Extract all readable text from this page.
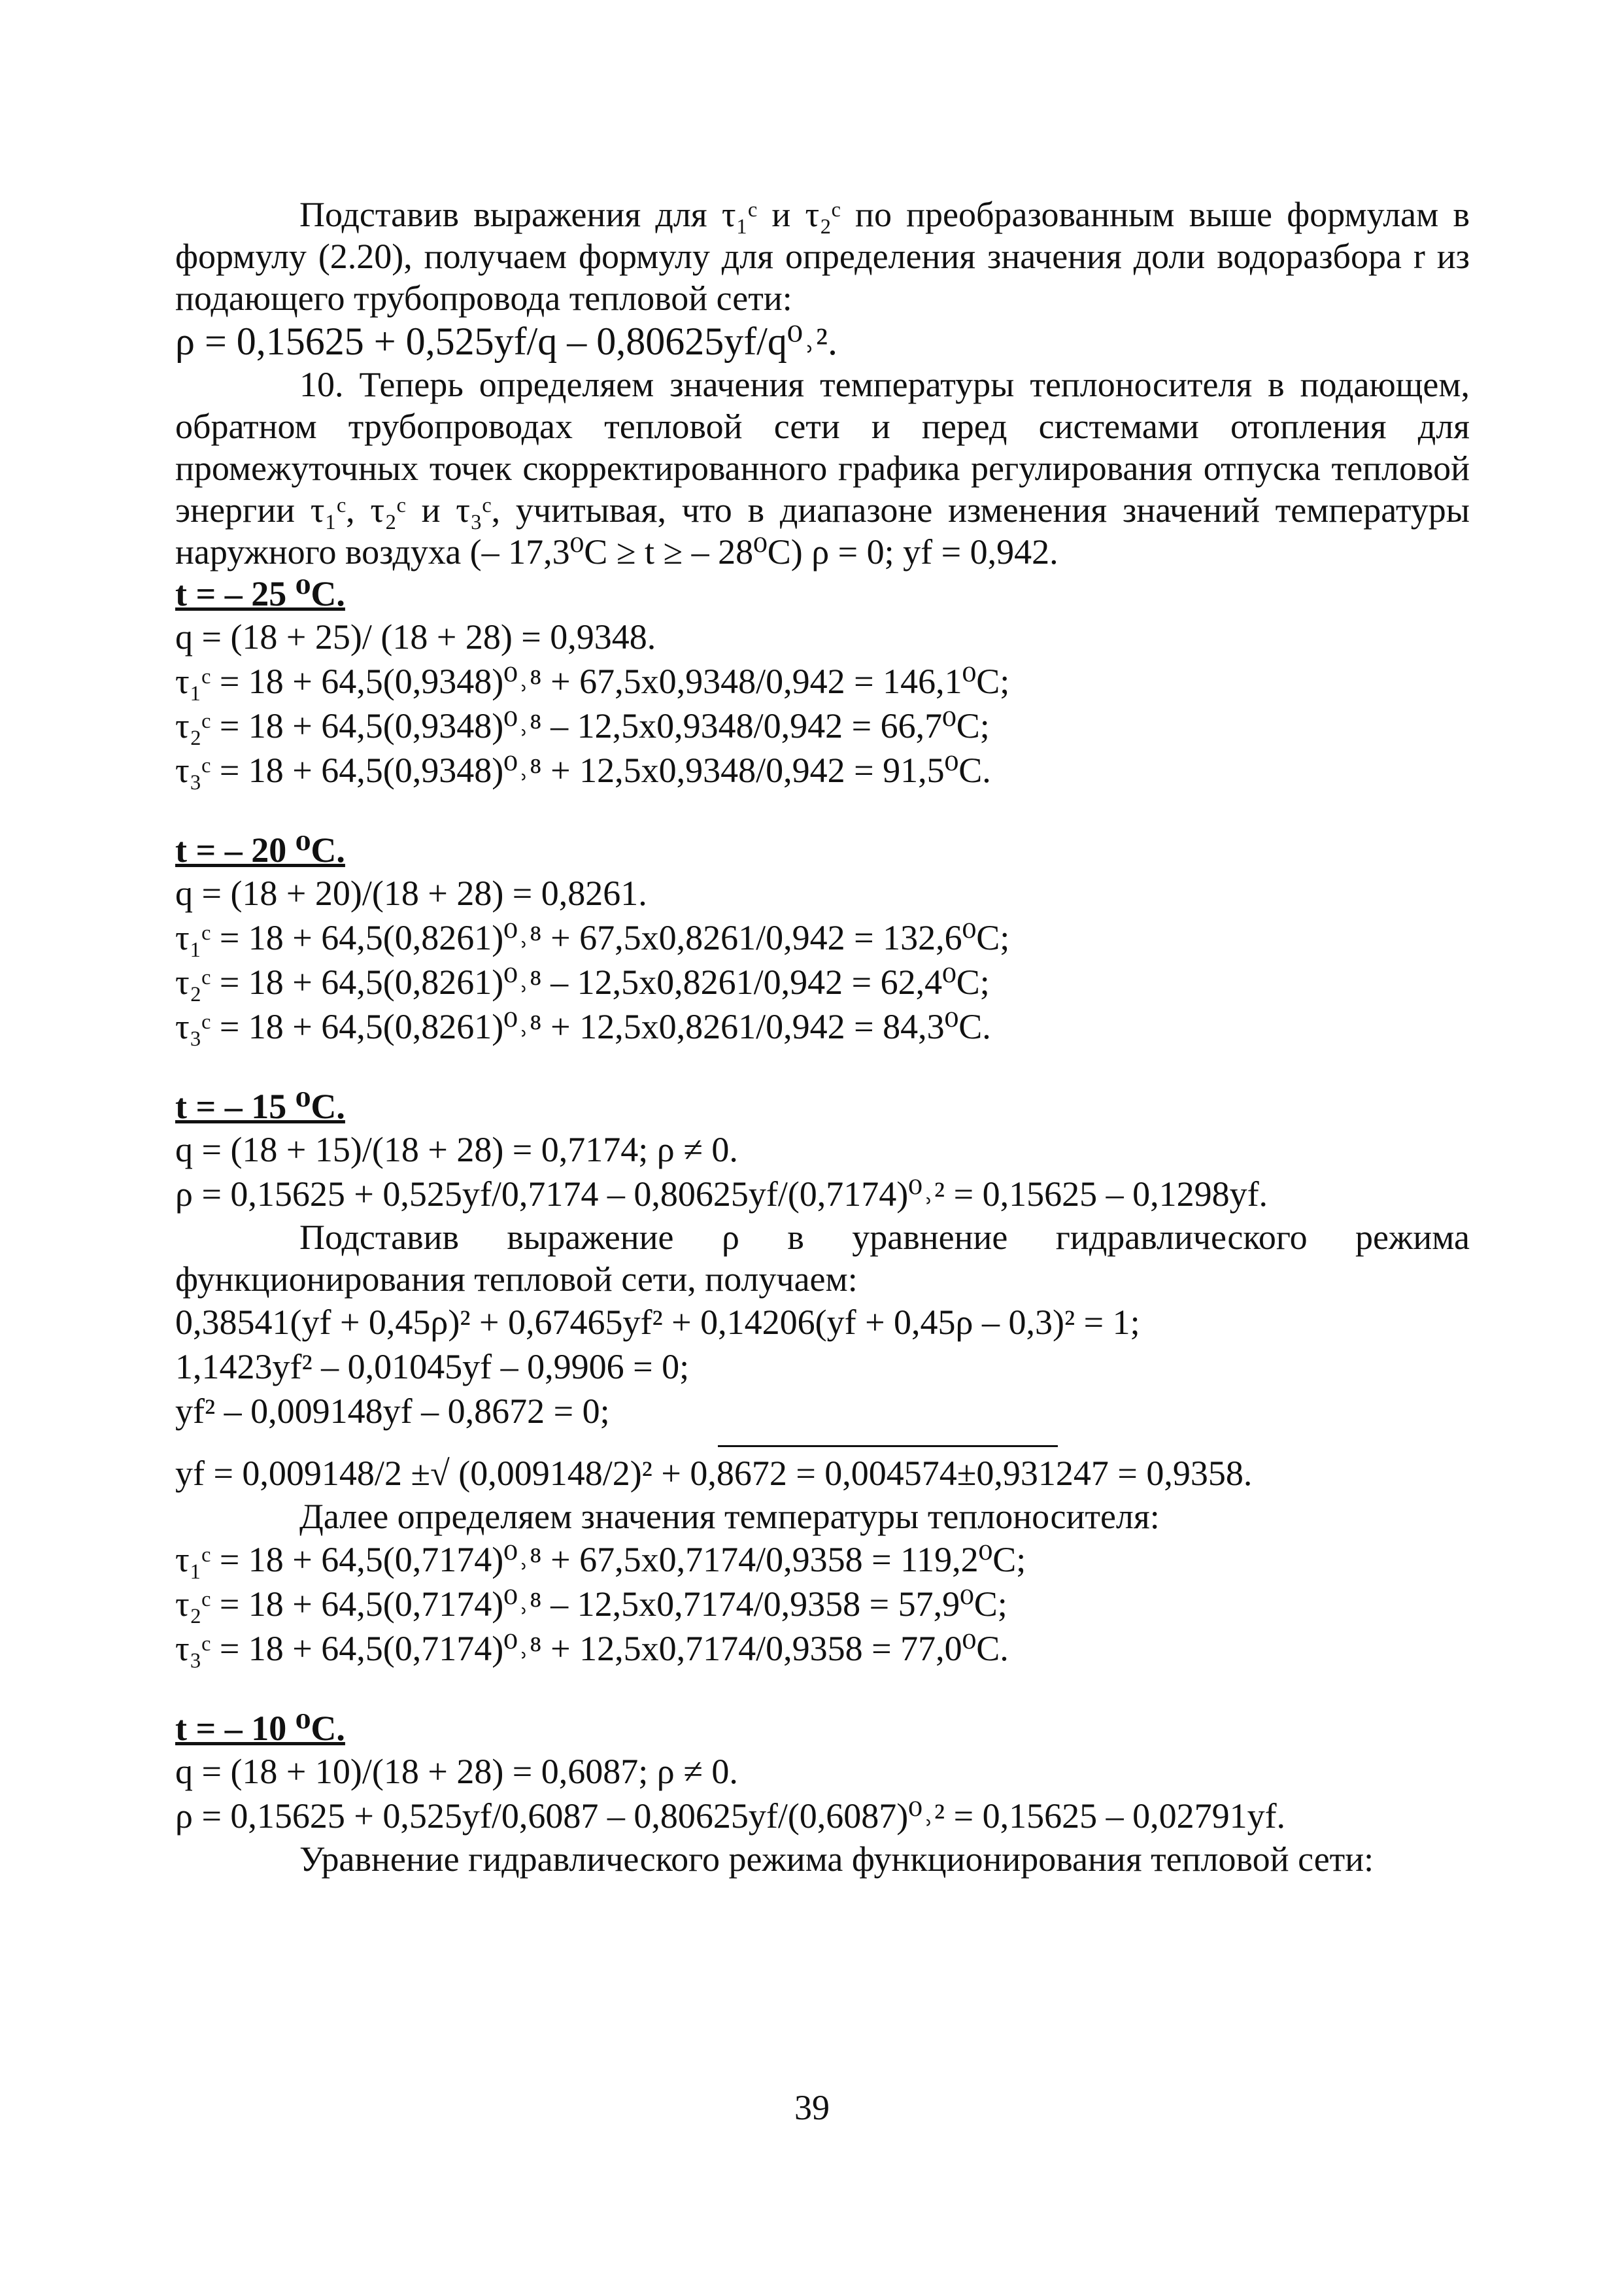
Подставив выражения для τ₁ᶜ и τ₂ᶜ по преобразованным выше формулам в формулу (2.20), получаем формулу для определения значения доли водоразбора r из подающего трубопровода тепловой сети:

ρ = 0,15625 + 0,525yf/q – 0,80625yf/q⁰˒².

10. Теперь определяем значения температуры теплоносителя в подающем, обратном трубопроводах тепловой сети и перед системами отопления для промежуточных точек скорректированного графика регулирования отпуска тепловой энергии τ₁ᶜ, τ₂ᶜ и τ₃ᶜ, учитывая, что в диапазоне изменения значений температуры наружного воздуха (– 17,3⁰C ≥ t ≥ – 28⁰C) ρ = 0; yf = 0,942.

t = – 25 ⁰C.

q = (18 + 25)/ (18 + 28) = 0,9348.

τ₁ᶜ = 18 + 64,5(0,9348)⁰˒⁸ + 67,5x0,9348/0,942 = 146,1⁰C;

τ₂ᶜ = 18 + 64,5(0,9348)⁰˒⁸ – 12,5x0,9348/0,942 = 66,7⁰C;

τ₃ᶜ = 18 + 64,5(0,9348)⁰˒⁸ + 12,5x0,9348/0,942 = 91,5⁰C.

t = – 20 ⁰C.

q = (18 + 20)/(18 + 28) = 0,8261.

τ₁ᶜ = 18 + 64,5(0,8261)⁰˒⁸ + 67,5x0,8261/0,942 = 132,6⁰C;

τ₂ᶜ = 18 + 64,5(0,8261)⁰˒⁸ – 12,5x0,8261/0,942 = 62,4⁰C;

τ₃ᶜ = 18 + 64,5(0,8261)⁰˒⁸ + 12,5x0,8261/0,942 = 84,3⁰C.

t = – 15 ⁰C.

q = (18 + 15)/(18 + 28) = 0,7174; ρ ≠ 0.

ρ = 0,15625 + 0,525yf/0,7174 – 0,80625yf/(0,7174)⁰˒² = 0,15625 – 0,1298yf.

Подставив выражение ρ в уравнение гидравлического режима функционирования тепловой сети, получаем:

0,38541(yf + 0,45ρ)² + 0,67465yf² + 0,14206(yf + 0,45ρ – 0,3)² = 1;

1,1423yf² – 0,01045yf – 0,9906 = 0;

yf² – 0,009148yf – 0,8672 = 0;

yf = 0,009148/2 ±√ (0,009148/2)² + 0,8672 = 0,004574±0,931247 = 0,9358.

Далее определяем значения температуры теплоносителя:

τ₁ᶜ = 18 + 64,5(0,7174)⁰˒⁸ + 67,5x0,7174/0,9358 = 119,2⁰C;

τ₂ᶜ = 18 + 64,5(0,7174)⁰˒⁸ – 12,5x0,7174/0,9358 = 57,9⁰C;

τ₃ᶜ = 18 + 64,5(0,7174)⁰˒⁸ + 12,5x0,7174/0,9358 = 77,0⁰C.

t = – 10 ⁰C.

q = (18 + 10)/(18 + 28) = 0,6087; ρ ≠ 0.

ρ = 0,15625 + 0,525yf/0,6087 – 0,80625yf/(0,6087)⁰˒² = 0,15625 – 0,02791yf.

Уравнение гидравлического режима функционирования тепловой сети:

39
